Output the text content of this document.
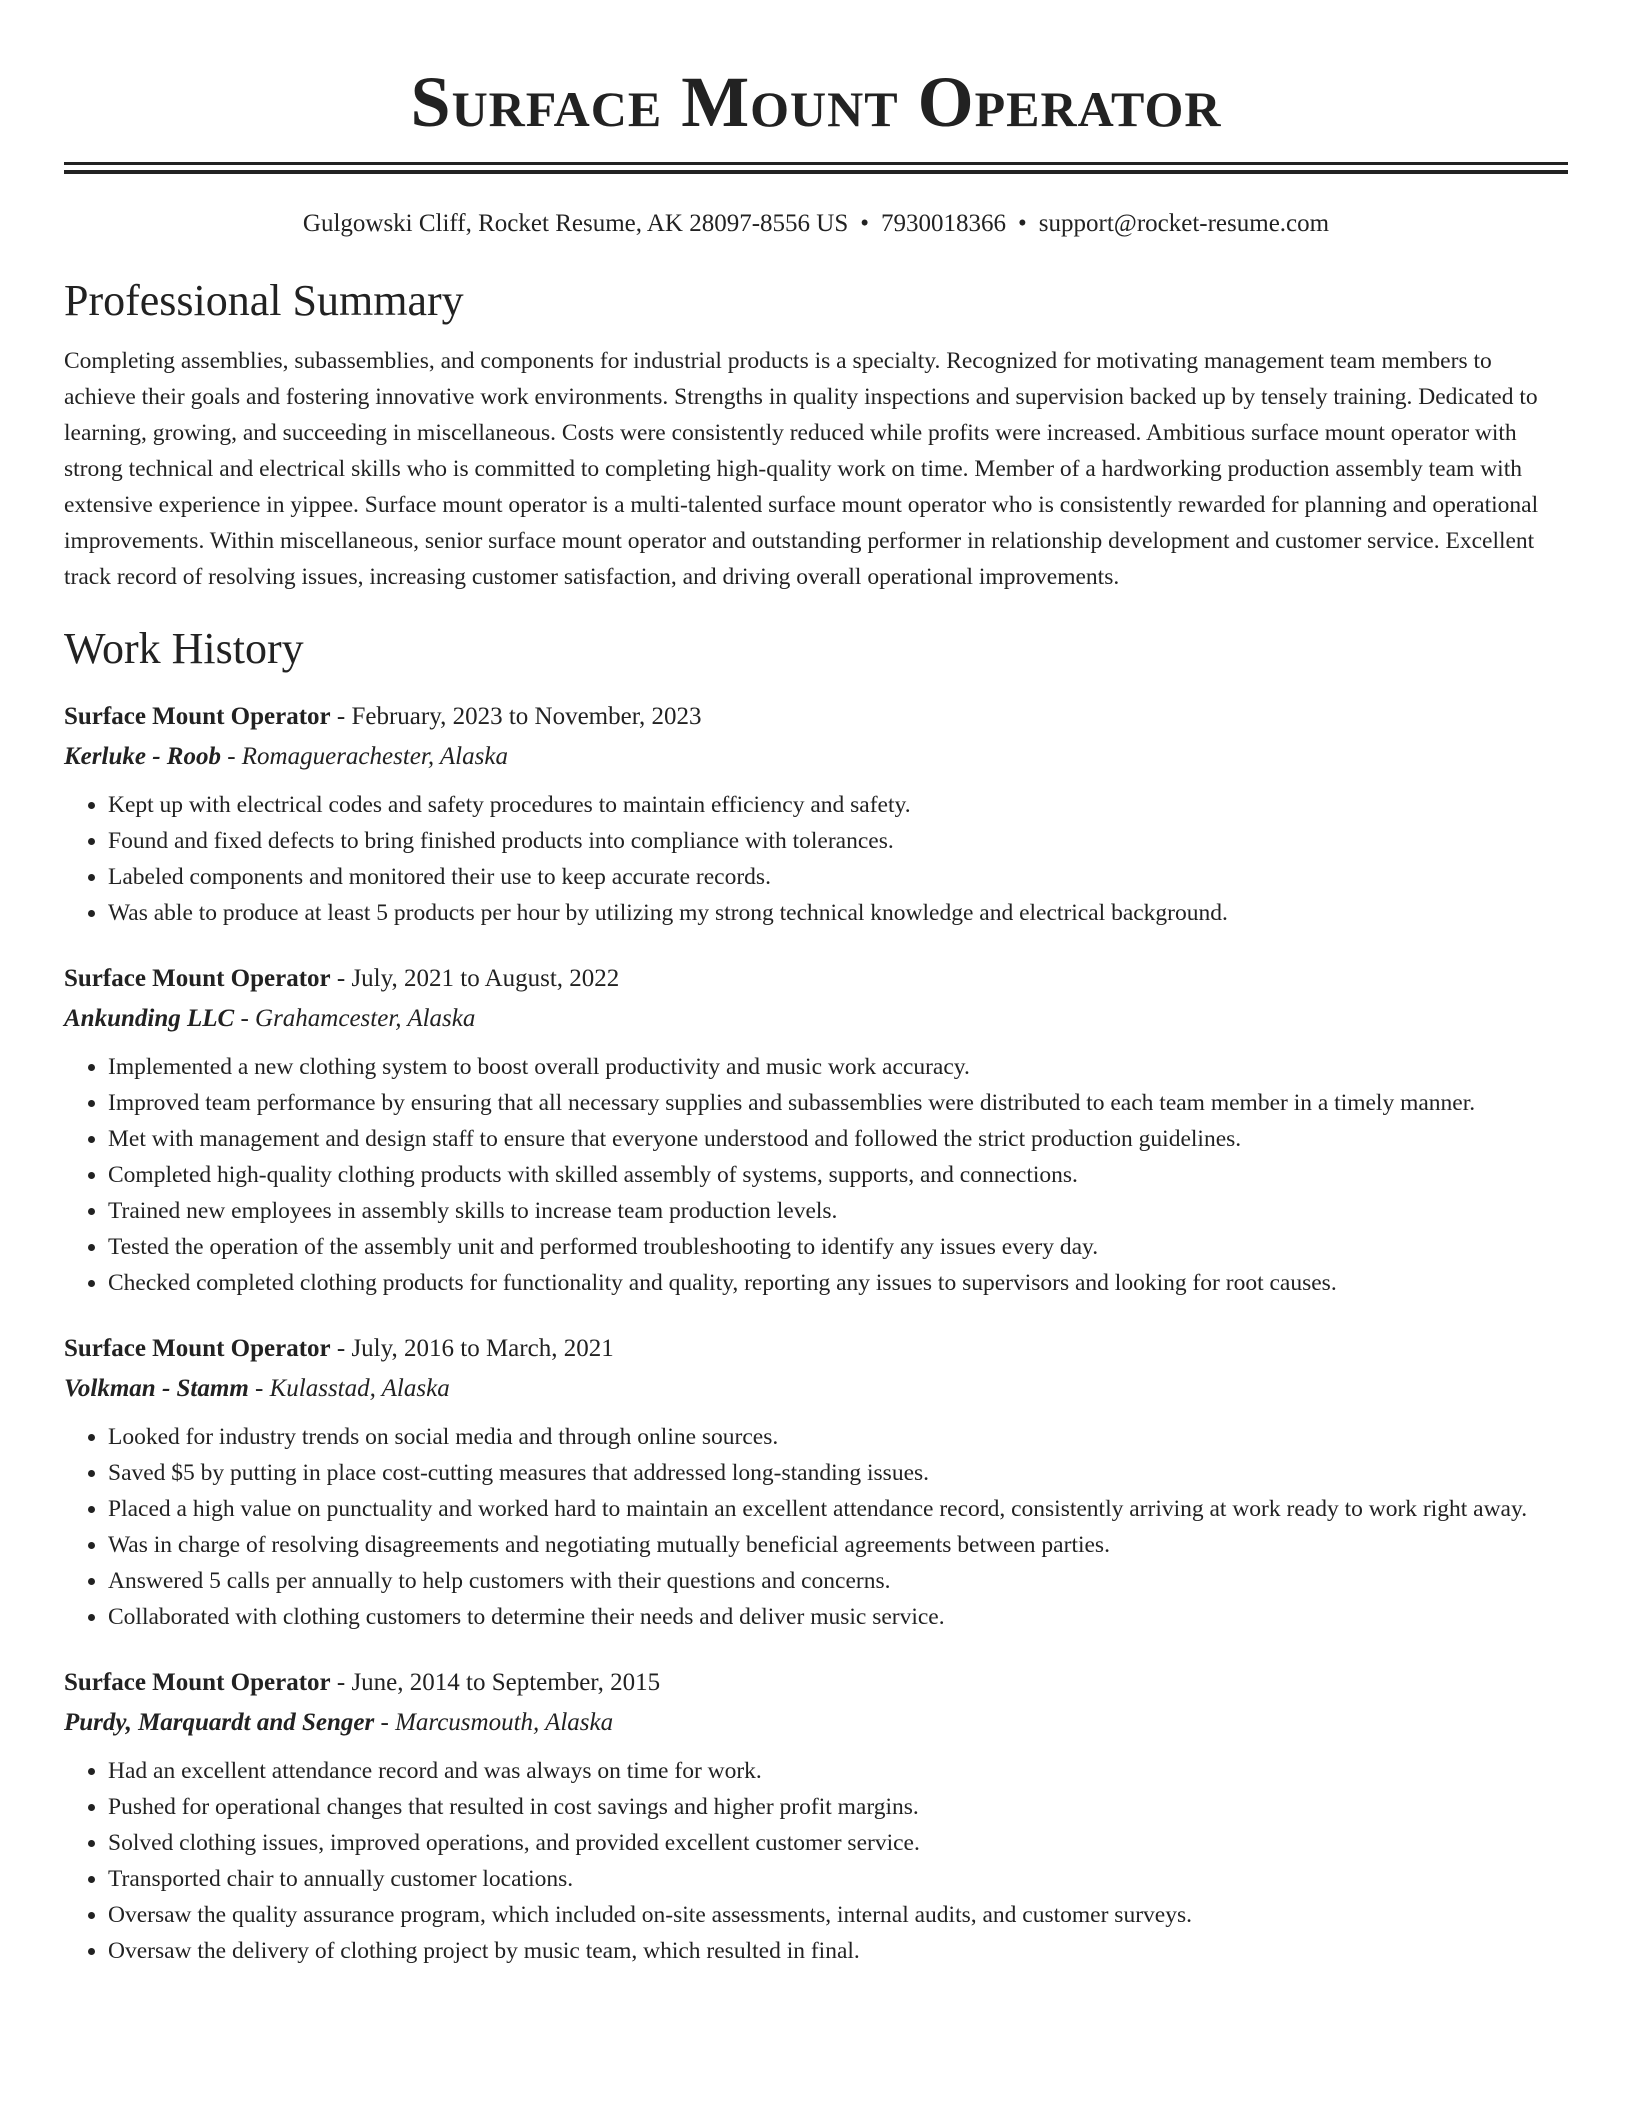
Surface Mount Operator
Gulgowski Cliff, Rocket Resume, AK 28097-8556 US • 7930018366 • support@rocket-resume.com
Professional Summary
Completing assemblies, subassemblies, and components for industrial products is a specialty. Recognized for motivating management team members to achieve their goals and fostering innovative work environments. Strengths in quality inspections and supervision backed up by tensely training. Dedicated to learning, growing, and succeeding in miscellaneous. Costs were consistently reduced while profits were increased. Ambitious surface mount operator with strong technical and electrical skills who is committed to completing high-quality work on time. Member of a hardworking production assembly team with extensive experience in yippee. Surface mount operator is a multi-talented surface mount operator who is consistently rewarded for planning and operational improvements. Within miscellaneous, senior surface mount operator and outstanding performer in relationship development and customer service. Excellent track record of resolving issues, increasing customer satisfaction, and driving overall operational improvements.
Work History
Surface Mount Operator - February, 2023 to November, 2023
Kerluke - Roob - Romaguerachester, Alaska
• Kept up with electrical codes and safety procedures to maintain efficiency and safety.
• Found and fixed defects to bring finished products into compliance with tolerances.
• Labeled components and monitored their use to keep accurate records.
• Was able to produce at least 5 products per hour by utilizing my strong technical knowledge and electrical background.
Surface Mount Operator - July, 2021 to August, 2022
Ankunding LLC - Grahamcester, Alaska
• Implemented a new clothing system to boost overall productivity and music work accuracy.
• Improved team performance by ensuring that all necessary supplies and subassemblies were distributed to each team member in a timely manner.
• Met with management and design staff to ensure that everyone understood and followed the strict production guidelines.
• Completed high-quality clothing products with skilled assembly of systems, supports, and connections.
• Trained new employees in assembly skills to increase team production levels.
• Tested the operation of the assembly unit and performed troubleshooting to identify any issues every day.
• Checked completed clothing products for functionality and quality, reporting any issues to supervisors and looking for root causes.
Surface Mount Operator - July, 2016 to March, 2021
Volkman - Stamm - Kulasstad, Alaska
• Looked for industry trends on social media and through online sources.
• Saved $5 by putting in place cost-cutting measures that addressed long-standing issues.
• Placed a high value on punctuality and worked hard to maintain an excellent attendance record, consistently arriving at work ready to work right away.
• Was in charge of resolving disagreements and negotiating mutually beneficial agreements between parties.
• Answered 5 calls per annually to help customers with their questions and concerns.
• Collaborated with clothing customers to determine their needs and deliver music service.
Surface Mount Operator - June, 2014 to September, 2015
Purdy, Marquardt and Senger - Marcusmouth, Alaska
• Had an excellent attendance record and was always on time for work.
• Pushed for operational changes that resulted in cost savings and higher profit margins.
• Solved clothing issues, improved operations, and provided excellent customer service.
• Transported chair to annually customer locations.
• Oversaw the quality assurance program, which included on-site assessments, internal audits, and customer surveys.
• Oversaw the delivery of clothing project by music team, which resulted in final.
